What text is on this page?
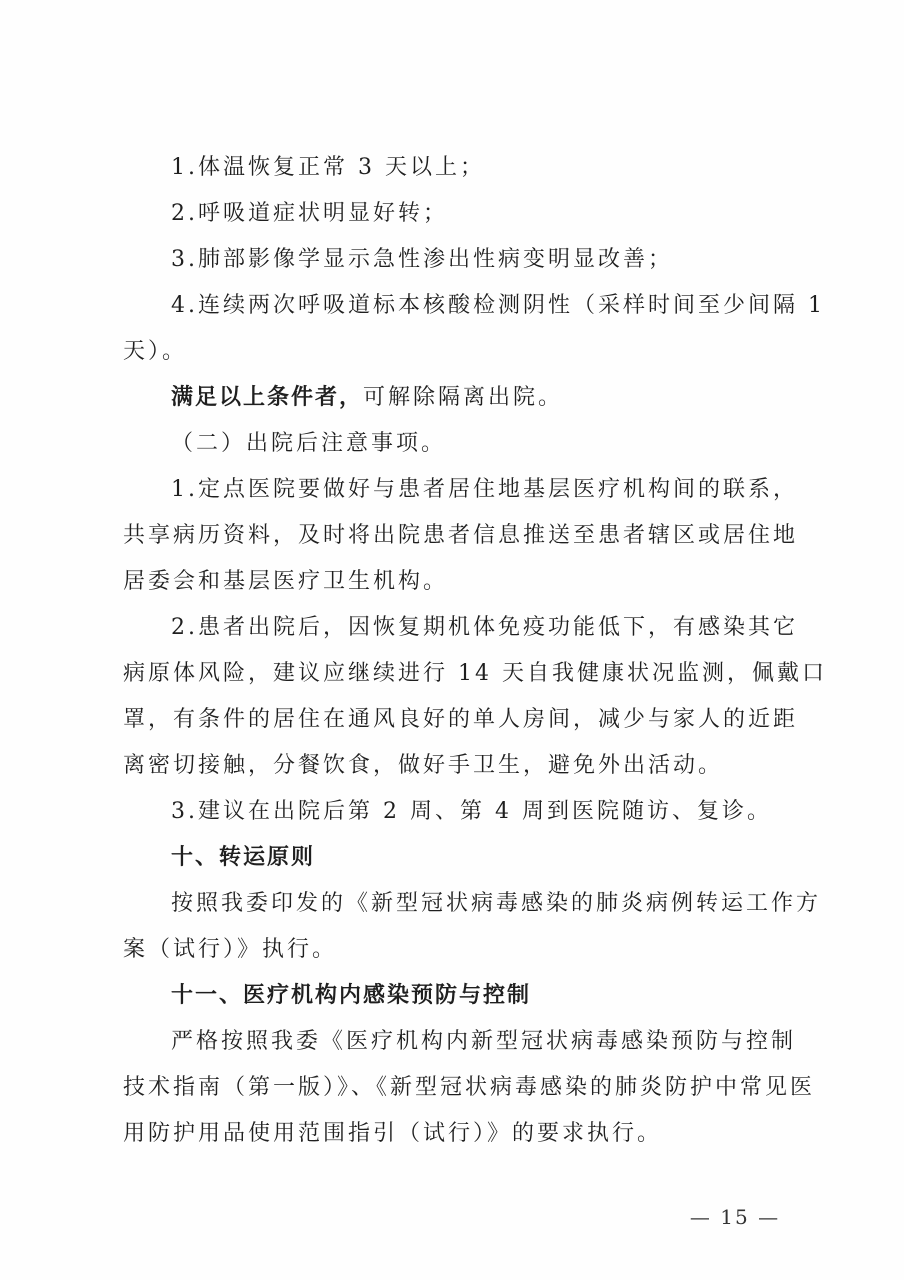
1.体温恢复正常 3 天以上；
2.呼吸道症状明显好转；
3.肺部影像学显示急性渗出性病变明显改善；
4.连续两次呼吸道标本核酸检测阴性（采样时间至少间隔 1
天）。
满足以上条件者，可解除隔离出院。
（二）出院后注意事项。
1.定点医院要做好与患者居住地基层医疗机构间的联系，
共享病历资料，及时将出院患者信息推送至患者辖区或居住地
居委会和基层医疗卫生机构。
2.患者出院后，因恢复期机体免疫功能低下，有感染其它
病原体风险，建议应继续进行 14 天自我健康状况监测，佩戴口
罩，有条件的居住在通风良好的单人房间，减少与家人的近距
离密切接触，分餐饮食，做好手卫生，避免外出活动。
3.建议在出院后第 2 周、第 4 周到医院随访、复诊。
十、转运原则
按照我委印发的《新型冠状病毒感染的肺炎病例转运工作方
案（试行）》执行。
十一、医疗机构内感染预防与控制
严格按照我委《医疗机构内新型冠状病毒感染预防与控制
技术指南（第一版）》、《新型冠状病毒感染的肺炎防护中常见医
用防护用品使用范围指引（试行）》的要求执行。
— 15 —
